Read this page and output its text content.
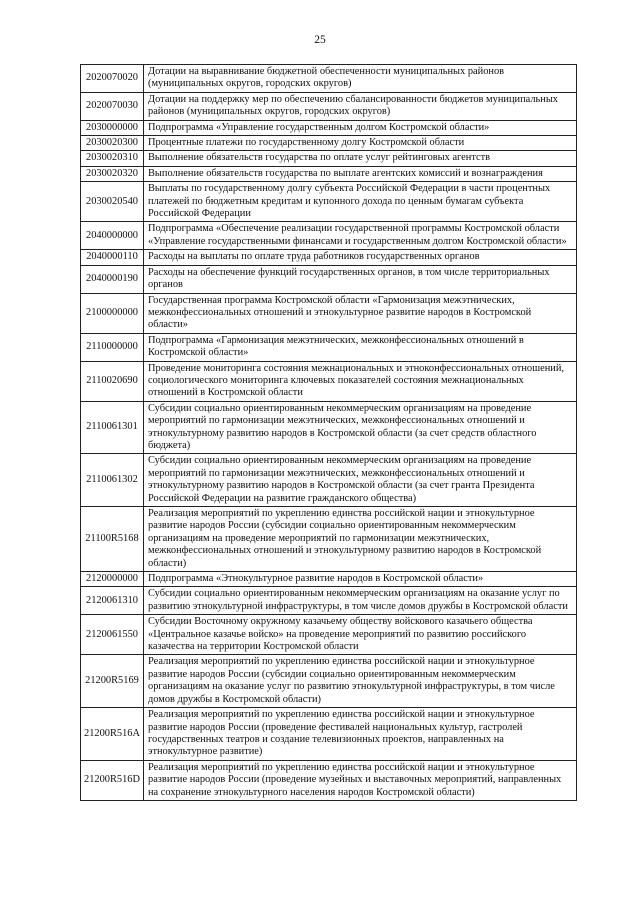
25
2020070020	Дотации на выравнивание бюджетной обеспеченности муниципальных районов (муниципальных округов, городских округов)
2020070030	Дотации на поддержку мер по обеспечению сбалансированности бюджетов муниципальных районов (муниципальных округов, городских округов)
2030000000	Подпрограмма «Управление государственным долгом Костромской области»
2030020300	Процентные платежи по государственному долгу Костромской области
2030020310	Выполнение обязательств государства по оплате услуг рейтинговых агентств
2030020320	Выполнение обязательств государства по выплате агентских комиссий и вознаграждения
2030020540	Выплаты по государственному долгу субъекта Российской Федерации в части процентных платежей по бюджетным кредитам и купонного дохода по ценным бумагам субъекта Российской Федерации
2040000000	Подпрограмма «Обеспечение реализации государственной программы Костромской области «Управление государственными финансами и государственным долгом Костромской области»
2040000110	Расходы на выплаты по оплате труда работников государственных органов
2040000190	Расходы на обеспечение функций государственных органов, в том числе территориальных органов
2100000000	Государственная программа Костромской области «Гармонизация межэтнических, межконфессиональных отношений и этнокультурное развитие народов в Костромской области»
2110000000	Подпрограмма «Гармонизация межэтнических, межконфессиональных отношений в Костромской области»
2110020690	Проведение мониторинга состояния межнациональных и этноконфессиональных отношений, социологического мониторинга ключевых показателей состояния межнациональных отношений в Костромской области
2110061301	Субсидии социально ориентированным некоммерческим организациям на проведение мероприятий по гармонизации межэтнических, межконфессиональных отношений и этнокультурному развитию народов в Костромской области (за счет средств областного бюджета)
2110061302	Субсидии социально ориентированным некоммерческим организациям на проведение мероприятий по гармонизации межэтнических, межконфессиональных отношений и этнокультурному развитию народов в Костромской области (за счет гранта Президента Российской Федерации на развитие гражданского общества)
21100R5168	Реализация мероприятий по укреплению единства российской нации и этнокультурное развитие народов России (субсидии социально ориентированным некоммерческим организациям на проведение мероприятий по гармонизации межэтнических, межконфессиональных отношений и этнокультурному развитию народов в Костромской области)
2120000000	Подпрограмма «Этнокультурное развитие народов в Костромской области»
2120061310	Субсидии социально ориентированным некоммерческим организациям на оказание услуг по развитию этнокультурной инфраструктуры, в том числе домов дружбы в Костромской области
2120061550	Субсидии Восточному окружному казачьему обществу войскового казачьего общества «Центральное казачье войско» на проведение мероприятий по развитию российского казачества на территории Костромской области
21200R5169	Реализация мероприятий по укреплению единства российской нации и этнокультурное развитие народов России (субсидии социально ориентированным некоммерческим организациям на оказание услуг по развитию этнокультурной инфраструктуры, в том числе домов дружбы в Костромской области)
21200R516A	Реализация мероприятий по укреплению единства российской нации и этнокультурное развитие народов России (проведение фестивалей национальных культур, гастролей государственных театров и создание телевизионных проектов, направленных на этнокультурное развитие)
21200R516D	Реализация мероприятий по укреплению единства российской нации и этнокультурное развитие народов России (проведение музейных и выставочных мероприятий, направленных на сохранение этнокультурного населения народов Костромской области)
